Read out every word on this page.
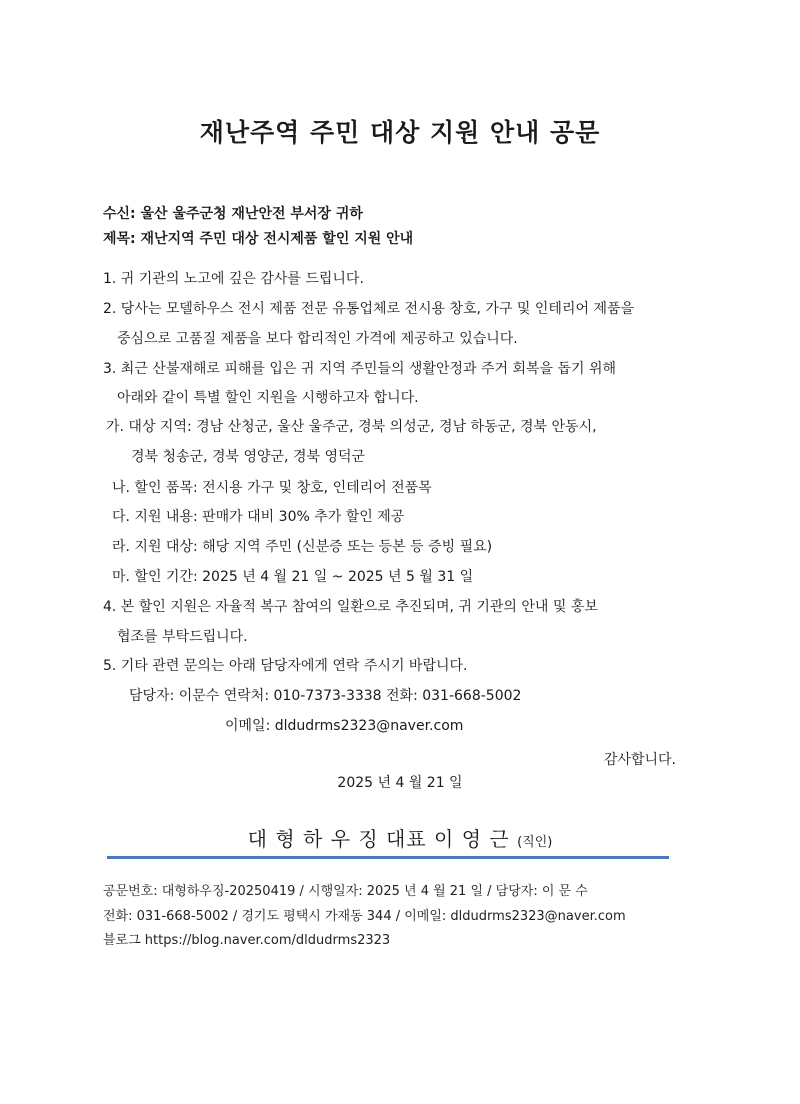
재난주역 주민 대상 지원 안내 공문
수신: 울산 울주군청 재난안전 부서장 귀하
제목: 재난지역 주민 대상 전시제품 할인 지원 안내
1. 귀 기관의 노고에 깊은 감사를 드립니다.
2. 당사는 모델하우스 전시 제품 전문 유통업체로 전시용 창호, 가구 및 인테리어 제품을
중심으로 고품질 제품을 보다 합리적인 가격에 제공하고 있습니다.
3. 최근 산불재해로 피해를 입은 귀 지역 주민들의 생활안정과 주거 회복을 돕기 위해
아래와 같이 특별 할인 지원을 시행하고자 합니다.
가. 대상 지역: 경남 산청군, 울산 울주군, 경북 의성군, 경남 하동군, 경북 안동시,
경북 청송군, 경북 영양군, 경북 영덕군
나. 할인 품목: 전시용 가구 및 창호, 인테리어 전품목
다. 지원 내용: 판매가 대비 30% 추가 할인 제공
라. 지원 대상: 해당 지역 주민 (신분증 또는 등본 등 증빙 필요)
마. 할인 기간: 2025 년 4 월 21 일 ~ 2025 년 5 월 31 일
4. 본 할인 지원은 자율적 복구 참여의 일환으로 추진되며, 귀 기관의 안내 및 홍보
협조를 부탁드립니다.
5. 기타 관련 문의는 아래 담당자에게 연락 주시기 바랍니다.
담당자: 이문수 연락처: 010-7373-3338 전화: 031-668-5002
이메일: dldudrms2323@naver.com
감사합니다.
2025 년 4 월 21 일
대 형 하 우 징 대표 이 영 근 (직인)
공문번호: 대형하우징-20250419 / 시행일자: 2025 년 4 월 21 일 / 담당자: 이 문 수
전화: 031-668-5002 / 경기도 평택시 가재동 344 / 이메일: dldudrms2323@naver.com
블로그 https://blog.naver.com/dldudrms2323
